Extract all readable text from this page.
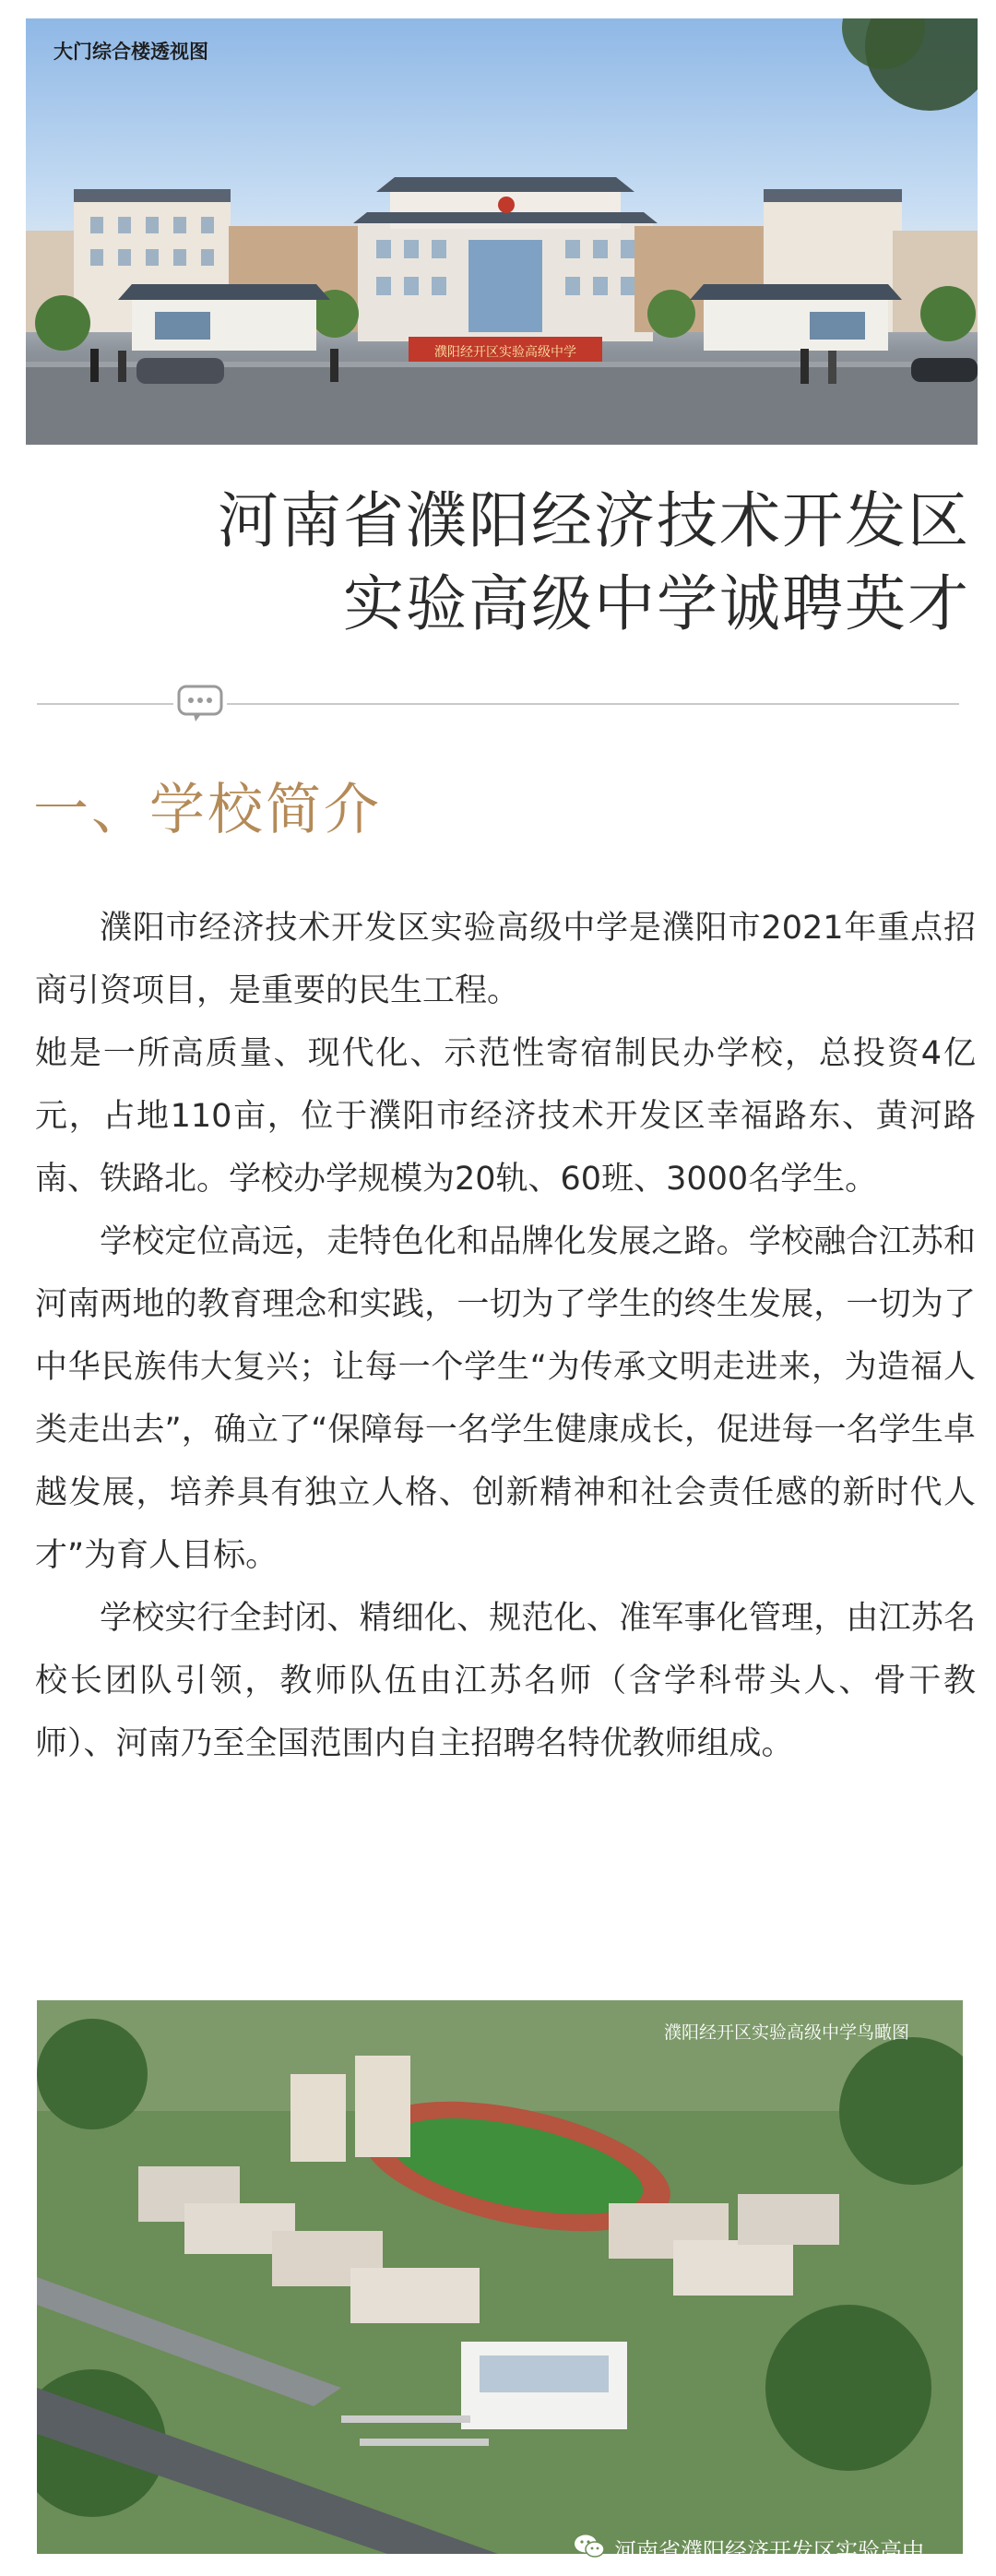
濮阳经开区实验高级中学
大门综合楼透视图
河南省濮阳经济技术开发区
实验高级中学诚聘英才
一、学校简介

濮阳市经济技术开发区实验高级中学是濮阳市2021年重点招商引资项目，是重要的民生工程。

她是一所高质量、现代化、示范性寄宿制民办学校，总投资4亿元，占地110亩，位于濮阳市经济技术开发区幸福路东、黄河路南、铁路北。学校办学规模为20轨、60班、3000名学生。

学校定位高远，走特色化和品牌化发展之路。学校融合江苏和河南两地的教育理念和实践，一切为了学生的终生发展，一切为了中华民族伟大复兴；让每一个学生“为传承文明走进来，为造福人类走出去”，确立了“保障每一名学生健康成长，促进每一名学生卓越发展，培养具有独立人格、创新精神和社会责任感的新时代人才”为育人目标。

学校实行全封闭、精细化、规范化、准军事化管理，由江苏名校长团队引领，教师队伍由江苏名师（含学科带头人、骨干教师）、河南乃至全国范围内自主招聘名特优教师组成。

濮阳经开区实验高级中学鸟瞰图
河南省濮阳经济开发区实验高中
